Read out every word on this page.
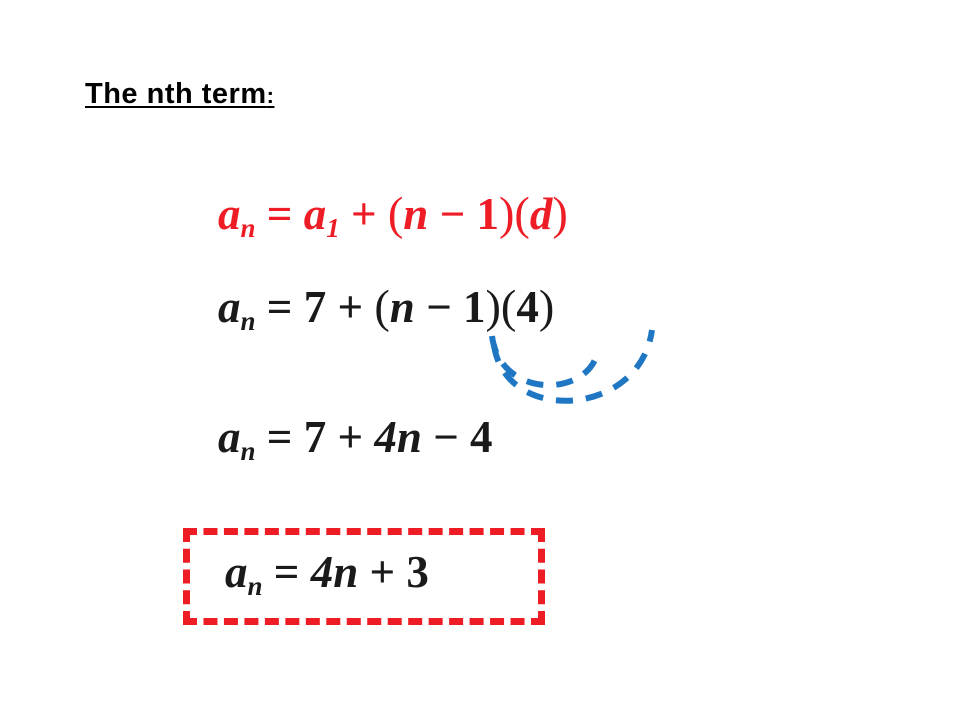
The nth term:
$a_n = a_1 + (n - 1)(d)$
$a_n = 7 + (n - 1)(4)$
$a_n = 7 + 4n - 4$
$a_n = 4n + 3$
